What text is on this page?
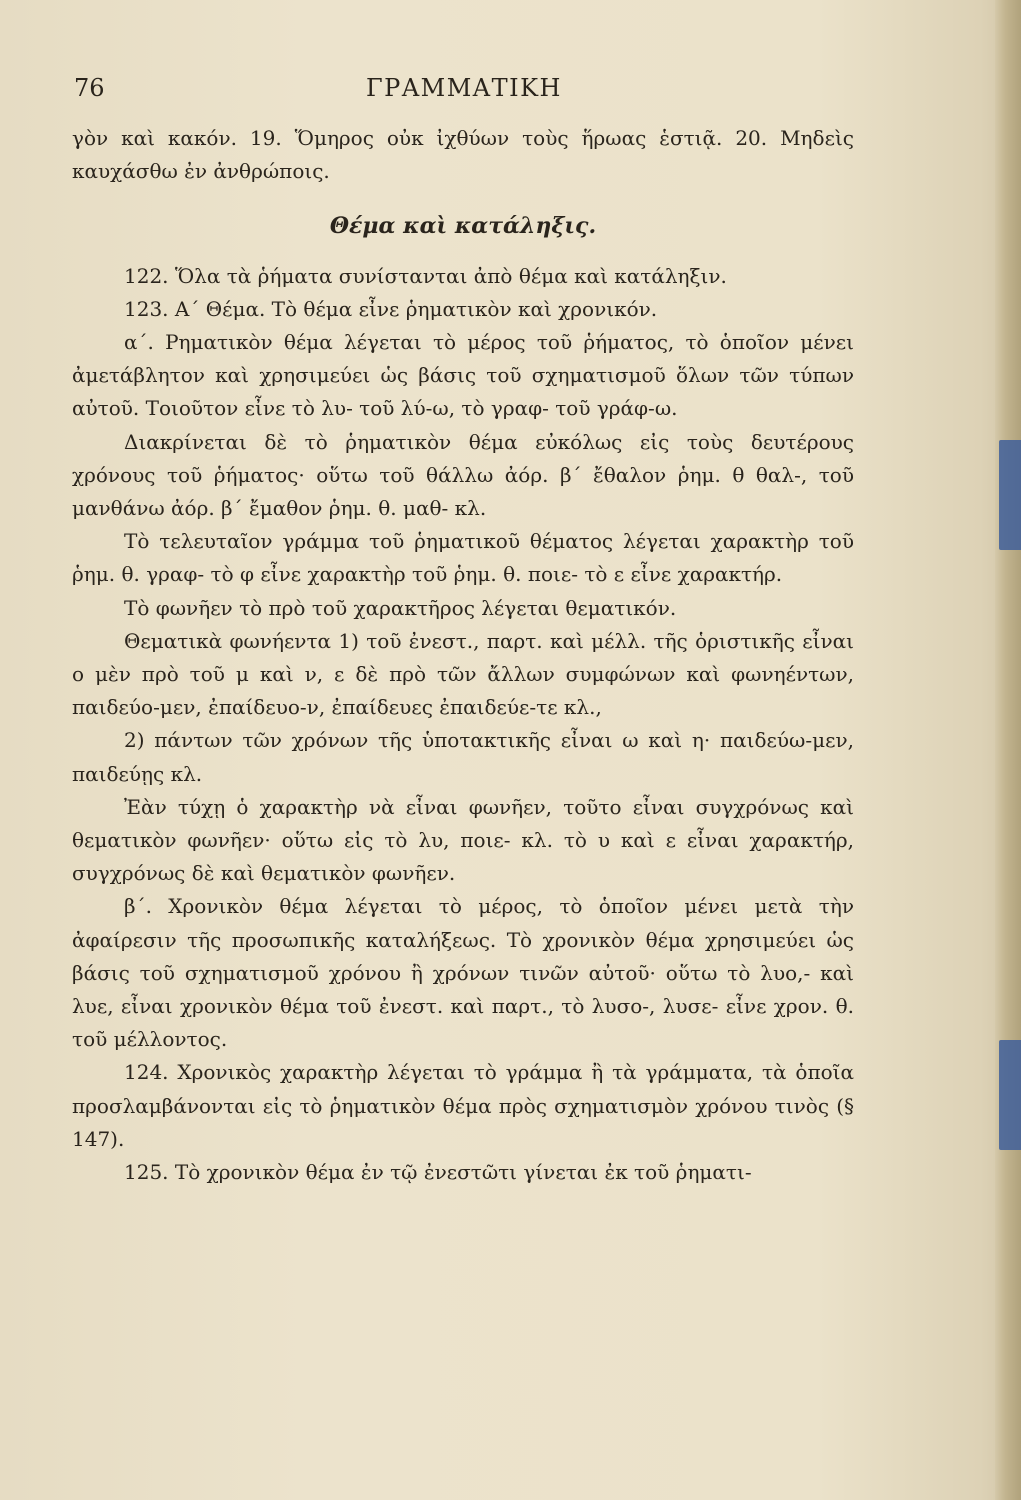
76	ΓΡΑΜΜΑΤΙΚΗ

γὸν καὶ κακόν. 19. Ὅμηρος οὐκ ἰχθύων τοὺς ἥρωας ἑστιᾷ. 20. Μηδεὶς καυχάσθω ἐν ἀνθρώποις.

Θέμα καὶ κατάληξις.

122. Ὅλα τὰ ῥήματα συνίστανται ἀπὸ θέμα καὶ κατάληξιν.

123. Α΄ Θέμα. Τὸ θέμα εἶνε ῥηματικὸν καὶ χρονικόν.

α΄. Ρηματικὸν θέμα λέγεται τὸ μέρος τοῦ ῥήματος, τὸ ὁποῖον μένει ἀμετάβλητον καὶ χρησιμεύει ὡς βάσις τοῦ σχηματισμοῦ ὅλων τῶν τύπων αὐτοῦ. Τοιοῦτον εἶνε τὸ λυ- τοῦ λύ-ω, τὸ γραφ- τοῦ γράφ-ω.

Διακρίνεται δὲ τὸ ῥηματικὸν θέμα εὐκόλως εἰς τοὺς δευτέρους χρόνους τοῦ ῥήματος· οὕτω τοῦ θάλλω ἀόρ. β΄ ἔθαλον ῥημ. θ θαλ-, τοῦ μανθάνω ἀόρ. β΄ ἔμαθον ῥημ. θ. μαθ- κλ.

Τὸ τελευταῖον γράμμα τοῦ ῥηματικοῦ θέματος λέγεται χαρακτὴρ τοῦ ῥημ. θ. γραφ- τὸ φ εἶνε χαρακτὴρ τοῦ ῥημ. θ. ποιε- τὸ ε εἶνε χαρακτήρ.

Τὸ φωνῆεν τὸ πρὸ τοῦ χαρακτῆρος λέγεται θεματικόν.

Θεματικὰ φωνήεντα 1) τοῦ ἐνεστ., παρτ. καὶ μέλλ. τῆς ὁριστικῆς εἶναι ο μὲν πρὸ τοῦ μ καὶ ν, ε δὲ πρὸ τῶν ἄλλων συμφώνων καὶ φωνηέντων, παιδεύο-μεν, ἐπαίδευο-ν, ἐπαίδευες ἐπαιδεύε-τε κλ.,

2) πάντων τῶν χρόνων τῆς ὑποτακτικῆς εἶναι ω καὶ η· παιδεύω-μεν, παιδεύῃς κλ.

Ἐὰν τύχῃ ὁ χαρακτὴρ νὰ εἶναι φωνῆεν, τοῦτο εἶναι συγχρόνως καὶ θεματικὸν φωνῆεν· οὕτω εἰς τὸ λυ, ποιε- κλ. τὸ υ καὶ ε εἶναι χαρακτήρ, συγχρόνως δὲ καὶ θεματικὸν φωνῆεν.

β΄. Χρονικὸν θέμα λέγεται τὸ μέρος, τὸ ὁποῖον μένει μετὰ τὴν ἀφαίρεσιν τῆς προσωπικῆς καταλήξεως. Τὸ χρονικὸν θέμα χρησιμεύει ὡς βάσις τοῦ σχηματισμοῦ χρόνου ἢ χρόνων τινῶν αὐτοῦ· οὕτω τὸ λυο,- καὶ λυε, εἶναι χρονικὸν θέμα τοῦ ἐνεστ. καὶ παρτ., τὸ λυσο-, λυσε- εἶνε χρον. θ. τοῦ μέλλοντος.

124. Χρονικὸς χαρακτὴρ λέγεται τὸ γράμμα ἢ τὰ γράμματα, τὰ ὁποῖα προσλαμβάνονται εἰς τὸ ῥηματικὸν θέμα πρὸς σχηματισμὸν χρόνου τινὸς (§ 147).

125. Τὸ χρονικὸν θέμα ἐν τῷ ἐνεστῶτι γίνεται ἐκ τοῦ ῥηματι-
